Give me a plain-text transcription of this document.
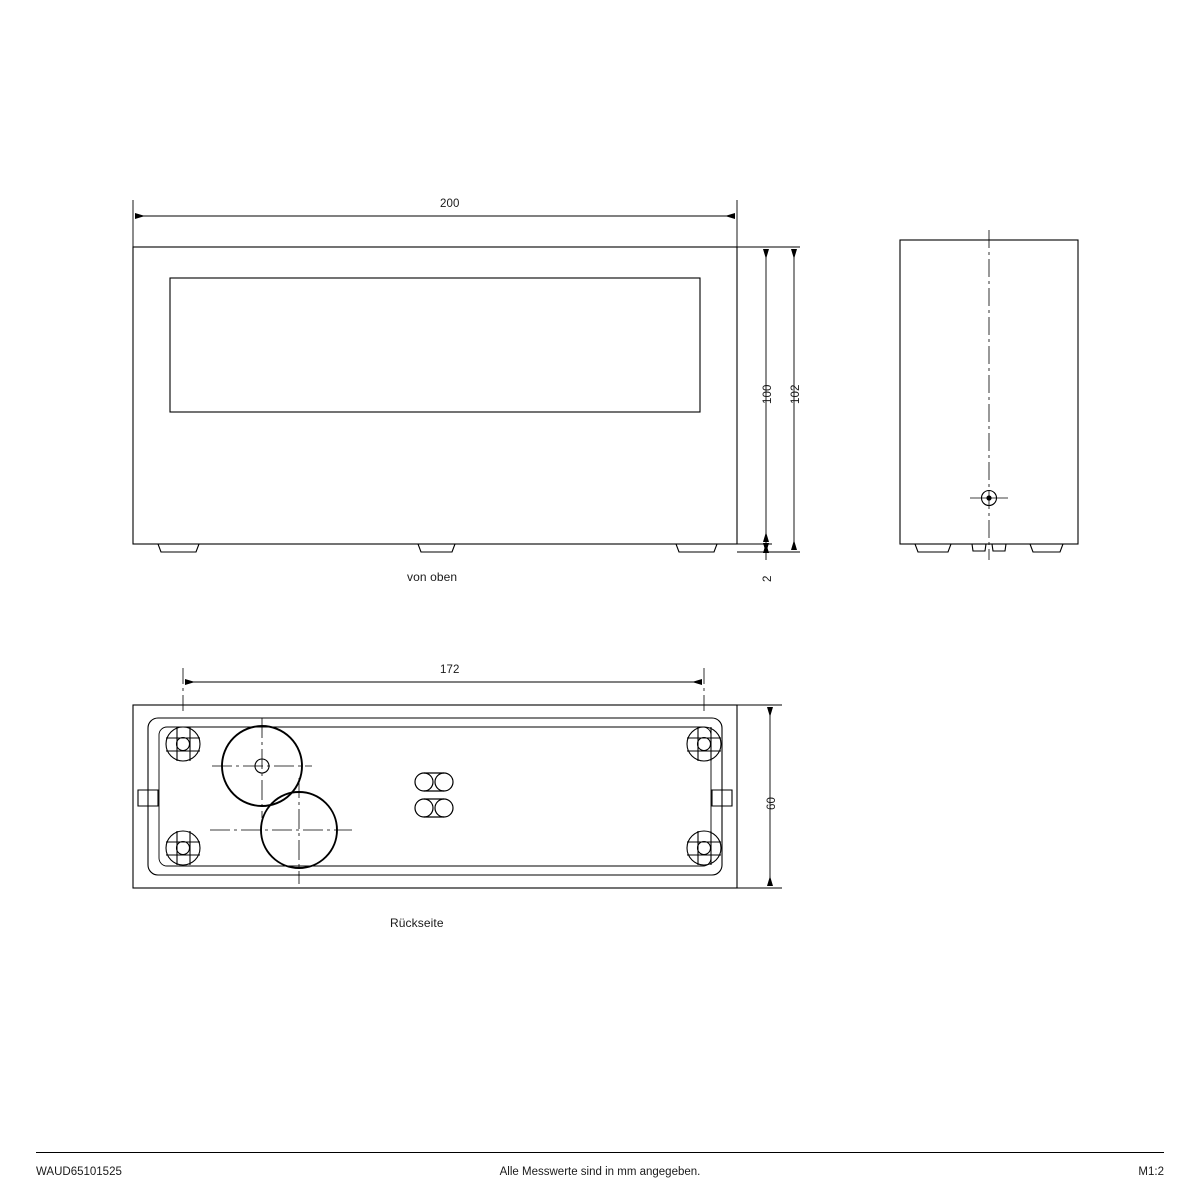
200
100 102
2
172
60
von oben
Rückseite
WAUD65101525	Alle Messwerte sind in mm angegeben.	M1:2
